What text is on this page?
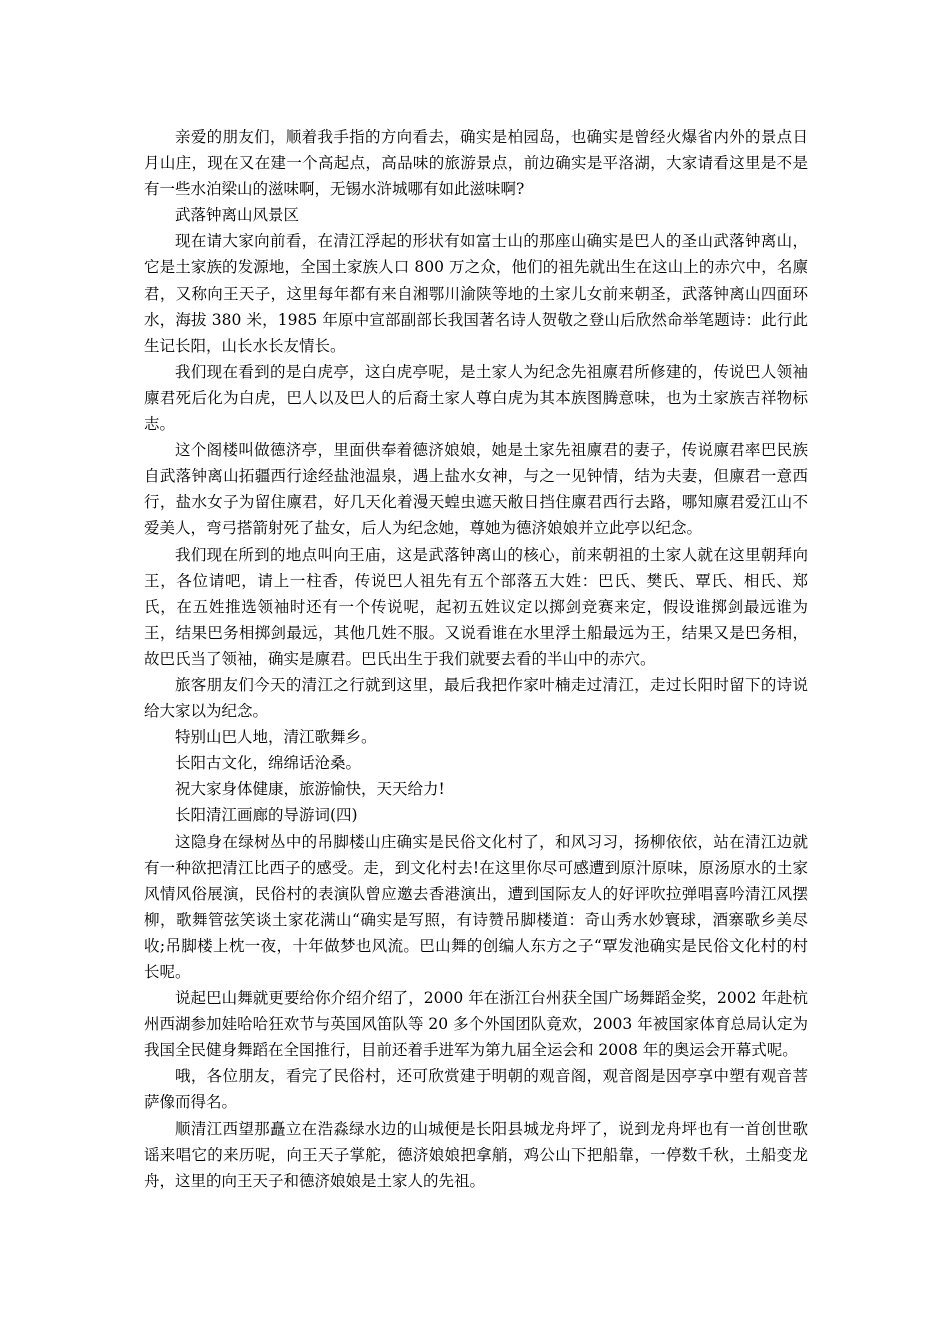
亲爱的朋友们，顺着我手指的方向看去，确实是柏园岛，也确实是曾经火爆省内外的景点日月山庄，现在又在建一个高起点，高品味的旅游景点，前边确实是平洛湖，大家请看这里是不是有一些水泊梁山的滋味啊，无锡水浒城哪有如此滋味啊?

武落钟离山风景区

现在请大家向前看，在清江浮起的形状有如富士山的那座山确实是巴人的圣山武落钟离山，它是土家族的发源地，全国土家族人口 800 万之众，他们的祖先就出生在这山上的赤穴中，名廪君，又称向王天子，这里每年都有来自湘鄂川渝陕等地的土家儿女前来朝圣，武落钟离山四面环水，海拔 380 米，1985 年原中宣部副部长我国著名诗人贺敬之登山后欣然命举笔题诗：此行此生记长阳，山长水长友情长。

我们现在看到的是白虎亭，这白虎亭呢，是土家人为纪念先祖廪君所修建的，传说巴人领袖廪君死后化为白虎，巴人以及巴人的后裔土家人尊白虎为其本族图腾意味，也为土家族吉祥物标志。

这个阁楼叫做德济亭，里面供奉着德济娘娘，她是土家先祖廪君的妻子，传说廪君率巴民族自武落钟离山拓疆西行途经盐池温泉，遇上盐水女神，与之一见钟情，结为夫妻，但廪君一意西行，盐水女子为留住廪君，好几天化着漫天蝗虫遮天敝日挡住廪君西行去路，哪知廪君爱江山不爱美人，弯弓搭箭射死了盐女，后人为纪念她，尊她为德济娘娘并立此亭以纪念。

我们现在所到的地点叫向王庙，这是武落钟离山的核心，前来朝祖的土家人就在这里朝拜向王，各位请吧，请上一柱香，传说巴人祖先有五个部落五大姓：巴氏、樊氏、覃氏、相氏、郑氏，在五姓推选领袖时还有一个传说呢，起初五姓议定以掷剑竞赛来定，假设谁掷剑最远谁为王，结果巴务相掷剑最远，其他几姓不服。又说看谁在水里浮土船最远为王，结果又是巴务相，故巴氏当了领袖，确实是廪君。巴氏出生于我们就要去看的半山中的赤穴。

旅客朋友们今天的清江之行就到这里，最后我把作家叶楠走过清江，走过长阳时留下的诗说给大家以为纪念。

特别山巴人地，清江歌舞乡。

长阳古文化，绵绵话沧桑。

祝大家身体健康，旅游愉快，天天给力!

长阳清江画廊的导游词(四)

这隐身在绿树丛中的吊脚楼山庄确实是民俗文化村了，和风习习，扬柳依依，站在清江边就有一种欲把清江比西子的感受。走，到文化村去!在这里你尽可感遭到原汁原味，原汤原水的土家风情风俗展演，民俗村的表演队曾应邀去香港演出，遭到国际友人的好评吹拉弹唱喜吟清江风摆柳，歌舞管弦笑谈土家花满山“确实是写照，有诗赞吊脚楼道：奇山秀水妙寰球，酒寨歌乡美尽收;吊脚楼上枕一夜，十年做梦也风流。巴山舞的创编人东方之子“覃发池确实是民俗文化村的村长呢。

说起巴山舞就更要给你介绍介绍了，2000 年在浙江台州获全国广场舞蹈金奖，2002 年赴杭州西湖参加娃哈哈狂欢节与英国风笛队等 20 多个外国团队竟欢，2003 年被国家体育总局认定为我国全民健身舞蹈在全国推行，目前还着手进军为第九届全运会和 2008 年的奥运会开幕式呢。

哦，各位朋友，看完了民俗村，还可欣赏建于明朝的观音阁，观音阁是因亭享中塑有观音菩萨像而得名。

顺清江西望那矗立在浩淼绿水边的山城便是长阳县城龙舟坪了，说到龙舟坪也有一首创世歌谣来唱它的来历呢，向王天子掌舵，德济娘娘把拿艄，鸡公山下把船靠，一停数千秋，土船变龙舟，这里的向王天子和德济娘娘是土家人的先祖。
